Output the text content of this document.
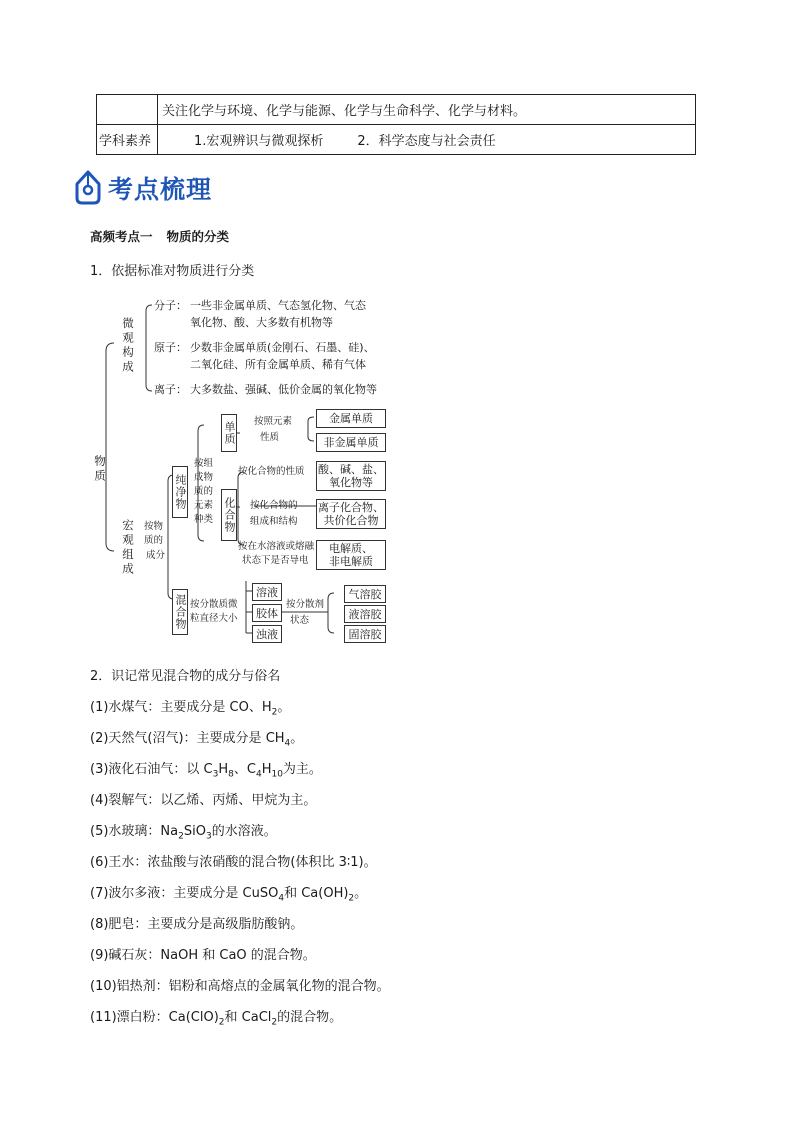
	关注化学与环境、化学与能源、化学与生命科学、化学与材料。
学科素养	1.宏观辨识与微观探析 2．科学态度与社会责任
考点梳理
高频考点一 物质的分类
1．依据标准对物质进行分类
微观构成
物质
宏观组成
分子： 一些非金属单质、气态氢化物、气态
氧化物、酸、大多数有机物等
原子： 少数非金属单质(金刚石、石墨、硅)、
二氧化硅、所有金属单质、稀有气体
离子： 大多数盐、强碱、低价金属的氧化物等
按物
质的
成分
纯净物
混合物
按组
成物
质的
元素
种类
单质
化合物
按照元素
性质
金属单质
非金属单质
按化合物的性质 酸、碱、盐、
氧化物等
按化合物的
组成和结构
离子化合物、
共价化合物
按在水溶液或熔融
状态下是否导电
电解质、
非电解质
按分散质微
粒直径大小
溶液
胶体
浊液
按分散剂
状态
气溶胶
液溶胶
固溶胶
2．识记常见混合物的成分与俗名
(1)水煤气：主要成分是 CO、$H_2$。
(2)天然气(沼气)：主要成分是 $CH_4$。
(3)液化石油气：以 $C_3H_8$、$C_4H_{10}$为主。
(4)裂解气：以乙烯、丙烯、甲烷为主。
(5)水玻璃：$Na_2SiO_3$的水溶液。
(6)王水：浓盐酸与浓硝酸的混合物(体积比 3∶1)。
(7)波尔多液：主要成分是 CuSO$_4$和 $Ca(OH)_2$。
(8)肥皂：主要成分是高级脂肪酸钠。
(9)碱石灰：NaOH 和 CaO 的混合物。
(10)铝热剂：铝粉和高熔点的金属氧化物的混合物。
(11)漂白粉：$Ca(ClO)_2$和 CaCl$_2$的混合物。
